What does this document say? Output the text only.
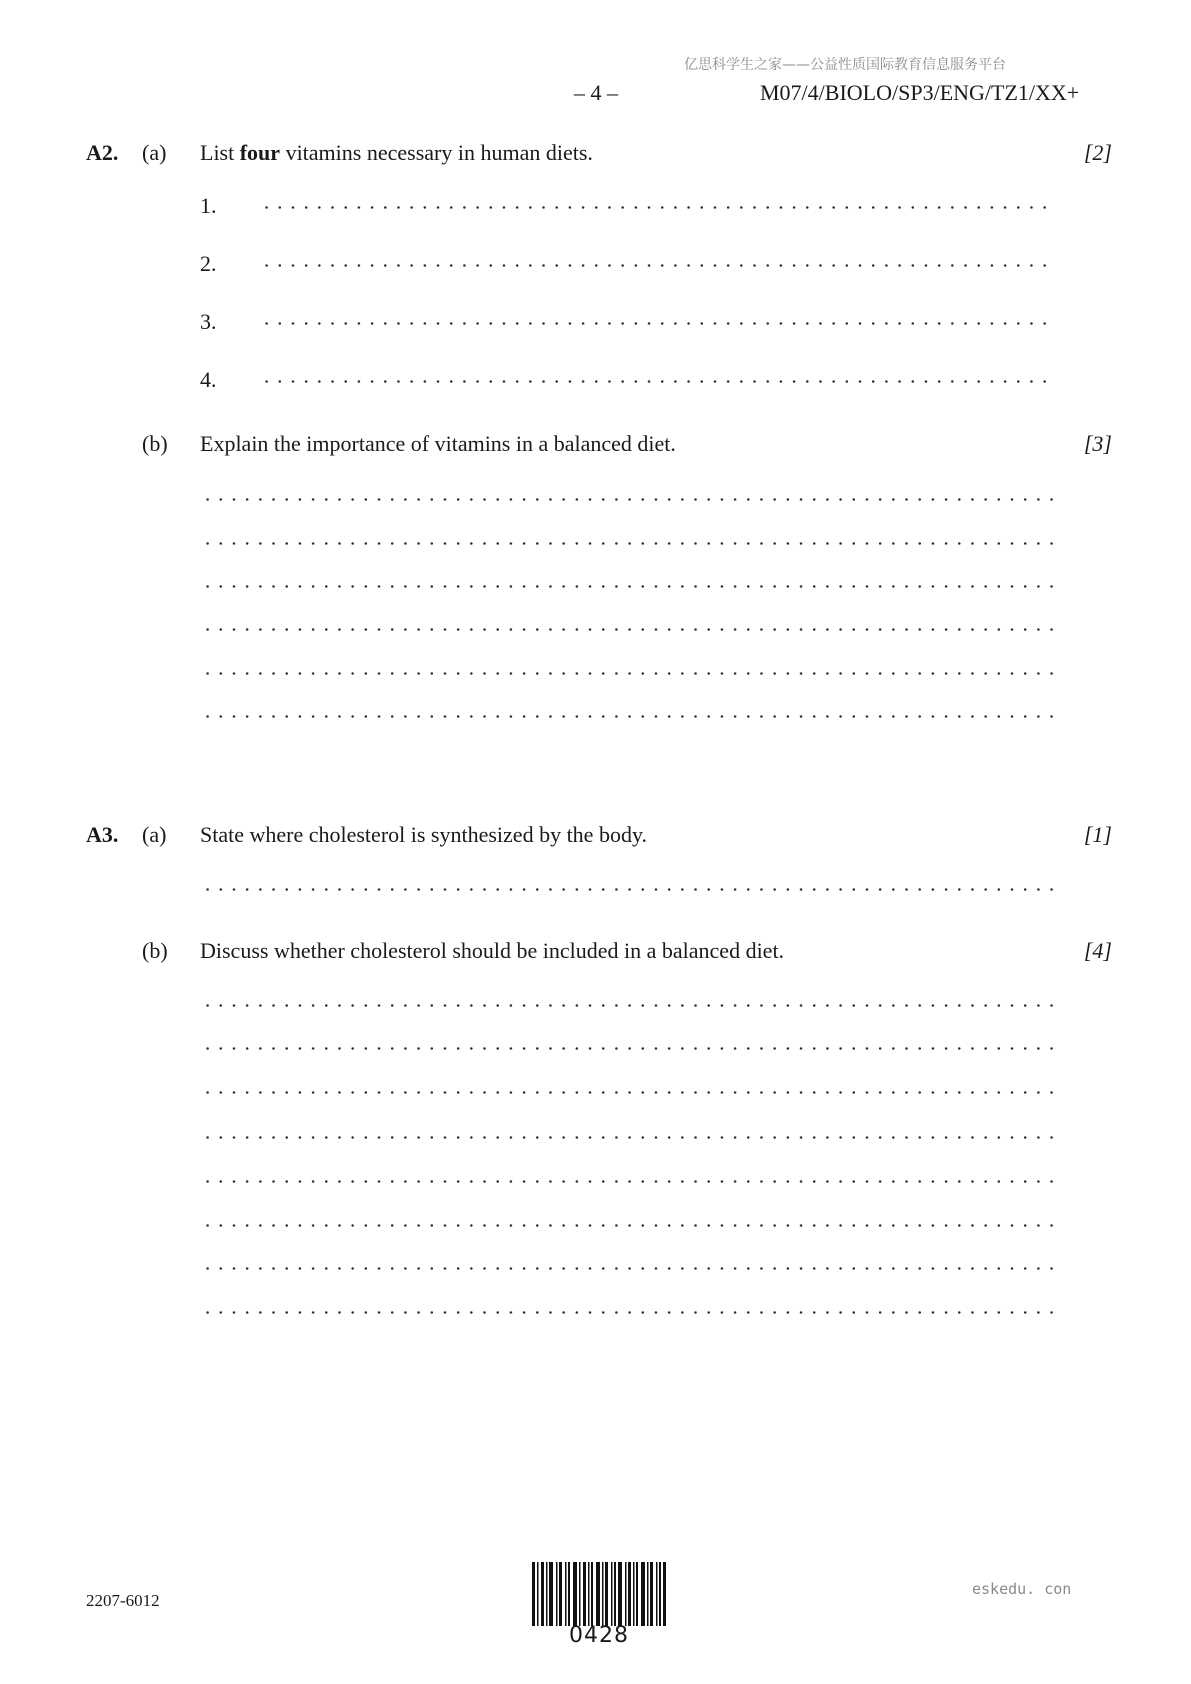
亿思科学生之家——公益性质国际教育信息服务平台
– 4 –	M07/4/BIOLO/SP3/ENG/TZ1/XX+
A2. (a) List four vitamins necessary in human diets.	[2]
1.
2.
3.
4.
(b) Explain the importance of vitamins in a balanced diet.	[3]
A3. (a) State where cholesterol is synthesized by the body.	[1]
(b) Discuss whether cholesterol should be included in a balanced diet.	[4]
2207-6012
0428
eskedu. con
